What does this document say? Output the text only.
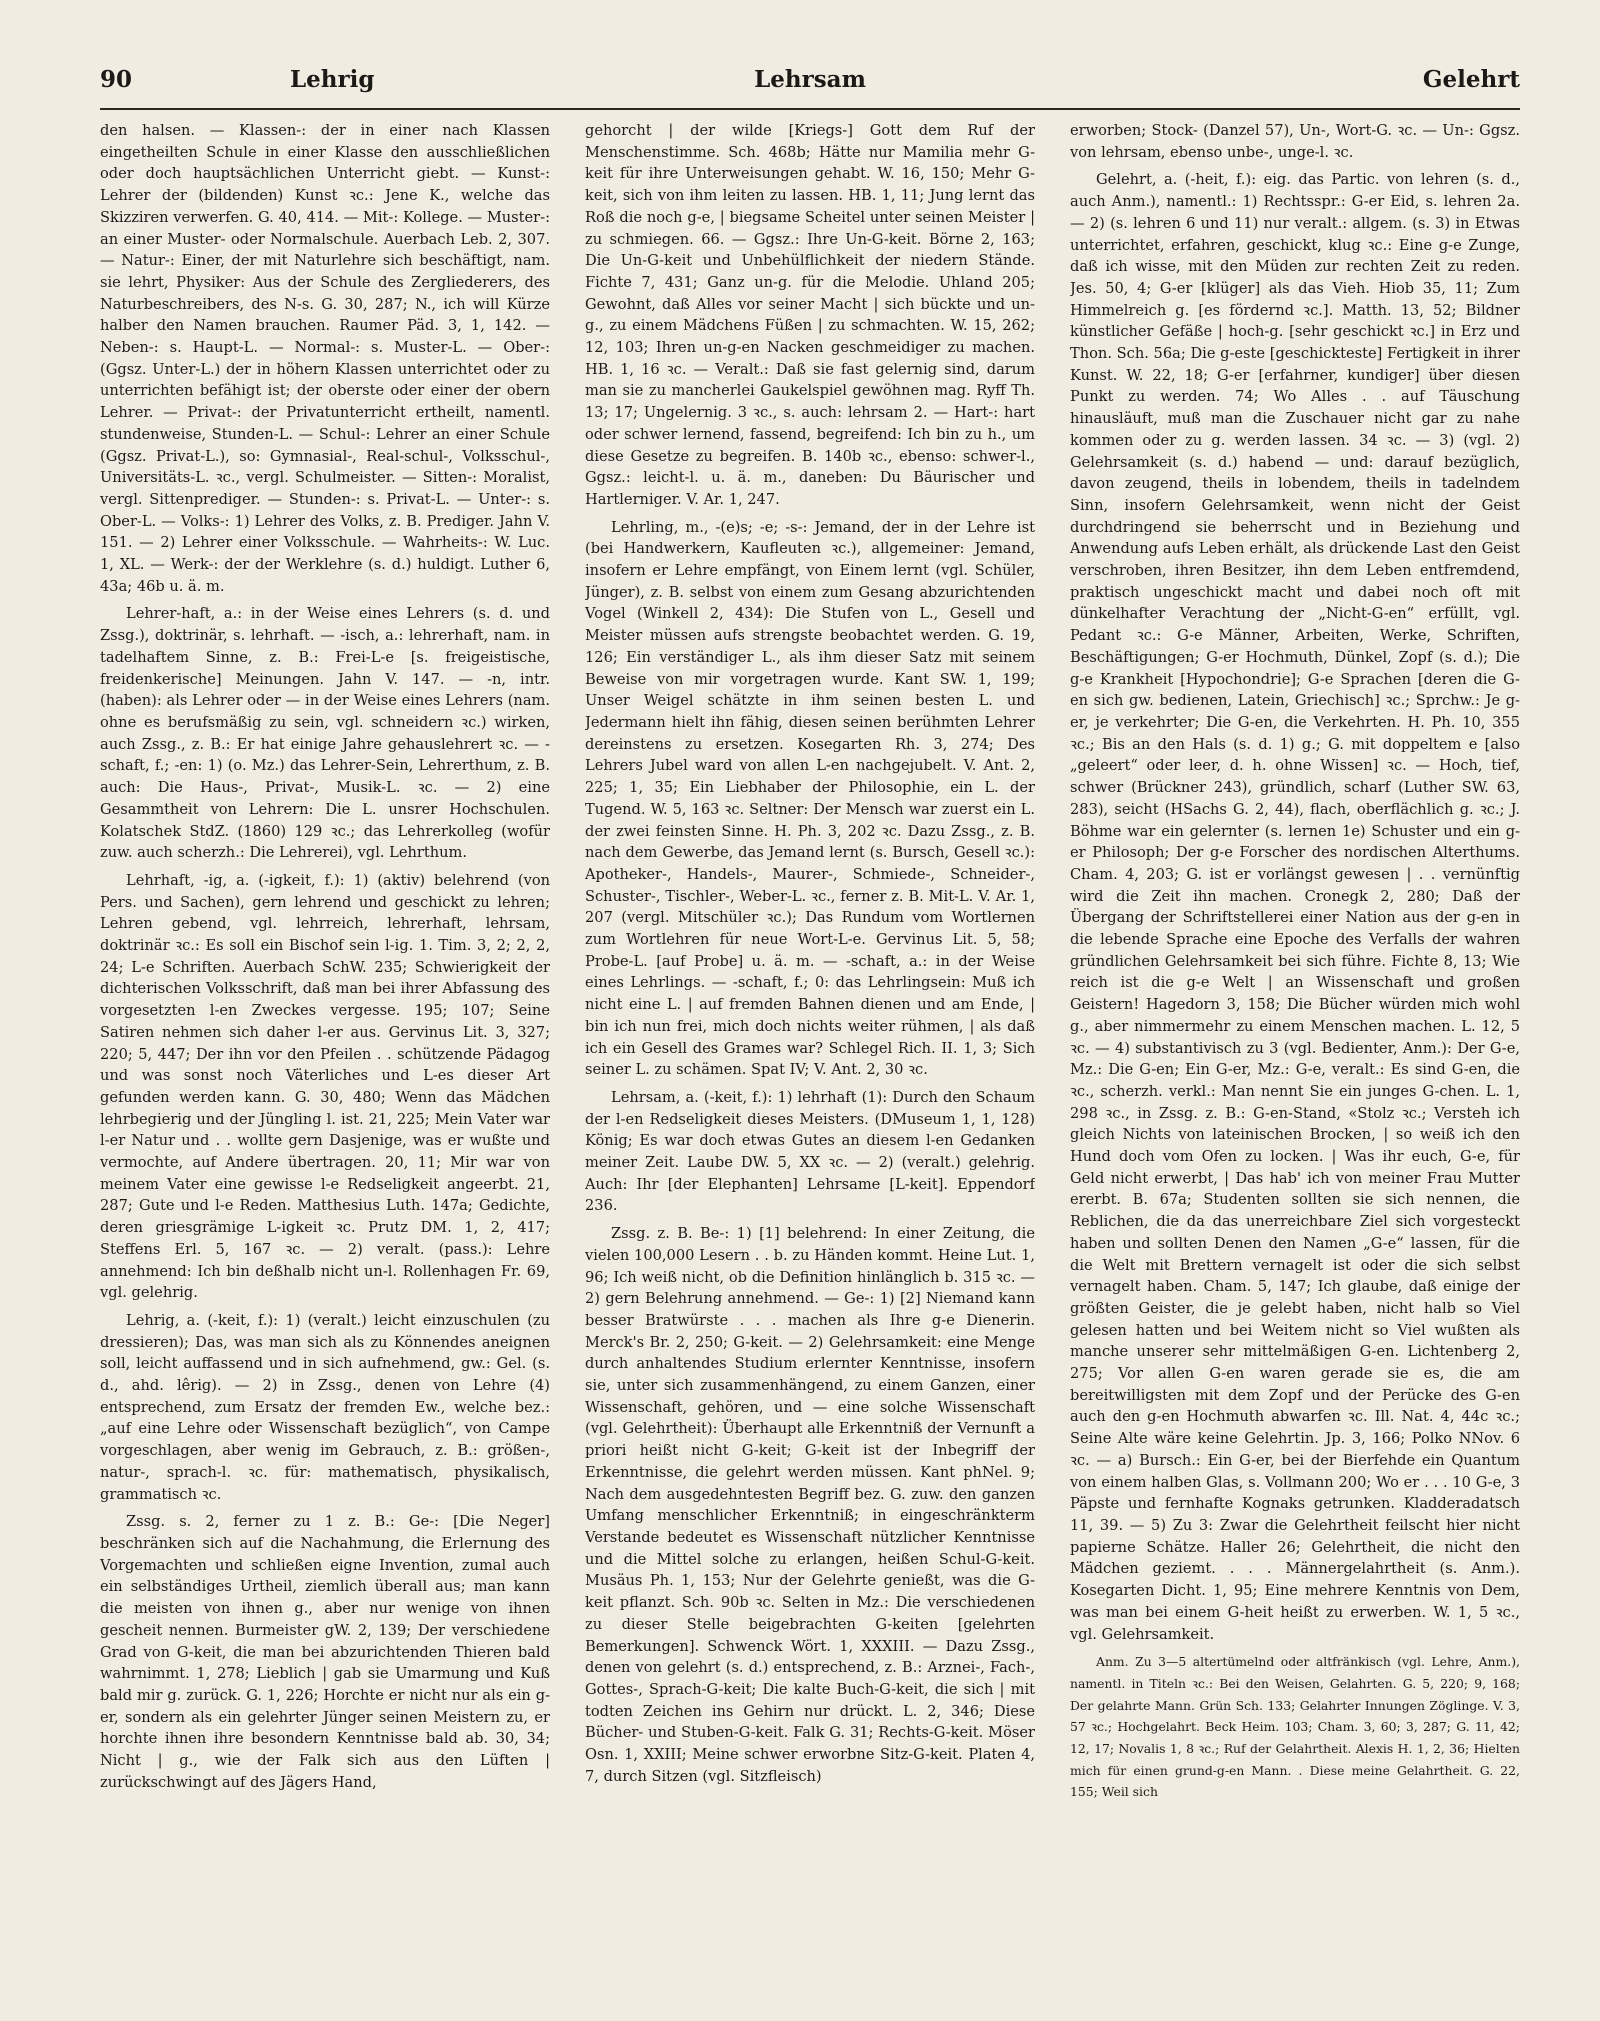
90	Lehrig	Lehrsam	Gelehrt

den halsen. — Klassen-: der in einer nach Klassen eingetheilten Schule in einer Klasse den ausschließlichen oder doch hauptsächlichen Unterricht giebt. — Kunst-: Lehrer der (bildenden) Kunst ꝛc.: Jene K., welche das Skizziren verwerfen. G. 40, 414. — Mit-: Kollege. — Muster-: an einer Muster- oder Normalschule. Auerbach Leb. 2, 307. — Natur-: Einer, der mit Naturlehre sich beschäftigt, nam. sie lehrt, Physiker: Aus der Schule des Zergliederers, des Naturbeschreibers, des N-s. G. 30, 287; N., ich will Kürze halber den Namen brauchen. Raumer Päd. 3, 1, 142. — Neben-: s. Haupt-L. — Normal-: s. Muster-L. — Ober-: (Ggsz. Unter-L.) der in höhern Klassen unterrichtet oder zu unterrichten befähigt ist; der oberste oder einer der obern Lehrer. — Privat-: der Privatunterricht ertheilt, namentl. stundenweise, Stunden-L. — Schul-: Lehrer an einer Schule (Ggsz. Privat-L.), so: Gymnasial-, Real-schul-, Volksschul-, Universitäts-L. ꝛc., vergl. Schulmeister. — Sitten-: Moralist, vergl. Sittenprediger. — Stunden-: s. Privat-L. — Unter-: s. Ober-L. — Volks-: 1) Lehrer des Volks, z. B. Prediger. Jahn V. 151. — 2) Lehrer einer Volksschule. — Wahrheits-: W. Luc. 1, XL. — Werk-: der der Werklehre (s. d.) huldigt. Luther 6, 43a; 46b u. ä. m.

Lehrer-haft, a.: in der Weise eines Lehrers (s. d. und Zssg.), doktrinär, s. lehrhaft. — -isch, a.: lehrerhaft, nam. in tadelhaftem Sinne, z. B.: Frei-L-e [s. freigeistische, freidenkerische] Meinungen. Jahn V. 147. — -n, intr. (haben): als Lehrer oder — in der Weise eines Lehrers (nam. ohne es berufsmäßig zu sein, vgl. schneidern ꝛc.) wirken, auch Zssg., z. B.: Er hat einige Jahre gehauslehrert ꝛc. — -schaft, f.; -en: 1) (o. Mz.) das Lehrer-Sein, Lehrerthum, z. B. auch: Die Haus-, Privat-, Musik-L. ꝛc. — 2) eine Gesammtheit von Lehrern: Die L. unsrer Hochschulen. Kolatschek StdZ. (1860) 129 ꝛc.; das Lehrerkolleg (wofür zuw. auch scherzh.: Die Lehrerei), vgl. Lehrthum.

Lehrhaft, -ig, a. (-igkeit, f.): 1) (aktiv) belehrend (von Pers. und Sachen), gern lehrend und geschickt zu lehren; Lehren gebend, vgl. lehrreich, lehrerhaft, lehrsam, doktrinär ꝛc.: Es soll ein Bischof sein l-ig. 1. Tim. 3, 2; 2, 2, 24; L-e Schriften. Auerbach SchW. 235; Schwierigkeit der dichterischen Volksschrift, daß man bei ihrer Abfassung des vorgesetzten l-en Zweckes vergesse. 195; 107; Seine Satiren nehmen sich daher l-er aus. Gervinus Lit. 3, 327; 220; 5, 447; Der ihn vor den Pfeilen . . schützende Pädagog und was sonst noch Väterliches und L-es dieser Art gefunden werden kann. G. 30, 480; Wenn das Mädchen lehrbegierig und der Jüngling l. ist. 21, 225; Mein Vater war l-er Natur und . . wollte gern Dasjenige, was er wußte und vermochte, auf Andere übertragen. 20, 11; Mir war von meinem Vater eine gewisse l-e Redseligkeit angeerbt. 21, 287; Gute und l-e Reden. Matthesius Luth. 147a; Gedichte, deren griesgrämige L-igkeit ꝛc. Prutz DM. 1, 2, 417; Steffens Erl. 5, 167 ꝛc. — 2) veralt. (pass.): Lehre annehmend: Ich bin deßhalb nicht un-l. Rollenhagen Fr. 69, vgl. gelehrig.

Lehrig, a. (-keit, f.): 1) (veralt.) leicht einzuschulen (zu dressieren); Das, was man sich als zu Könnendes aneignen soll, leicht auffassend und in sich aufnehmend, gw.: Gel. (s. d., ahd. lêrig). — 2) in Zssg., denen von Lehre (4) entsprechend, zum Ersatz der fremden Ew., welche bez.: „auf eine Lehre oder Wissenschaft bezüglich“, von Campe vorgeschlagen, aber wenig im Gebrauch, z. B.: größen-, natur-, sprach-l. ꝛc. für: mathematisch, physikalisch, grammatisch ꝛc.

Zssg. s. 2, ferner zu 1 z. B.: Ge-: [Die Neger] beschränken sich auf die Nachahmung, die Erlernung des Vorgemachten und schließen eigne Invention, zumal auch ein selbständiges Urtheil, ziemlich überall aus; man kann die meisten von ihnen g., aber nur wenige von ihnen gescheit nennen. Burmeister gW. 2, 139; Der verschiedene Grad von G-keit, die man bei abzurichtenden Thieren bald wahrnimmt. 1, 278; Lieblich | gab sie Umarmung und Kuß bald mir g. zurück. G. 1, 226; Horchte er nicht nur als ein g-er, sondern als ein gelehrter Jünger seinen Meistern zu, er horchte ihnen ihre besondern Kenntnisse bald ab. 30, 34; Nicht | g., wie der Falk sich aus den Lüften | zurückschwingt auf des Jägers Hand,

gehorcht | der wilde [Kriegs-] Gott dem Ruf der Menschenstimme. Sch. 468b; Hätte nur Mamilia mehr G-keit für ihre Unterweisungen gehabt. W. 16, 150; Mehr G-keit, sich von ihm leiten zu lassen. HB. 1, 11; Jung lernt das Roß die noch g-e, | biegsame Scheitel unter seinen Meister | zu schmiegen. 66. — Ggsz.: Ihre Un-G-keit. Börne 2, 163; Die Un-G-keit und Unbehülflichkeit der niedern Stände. Fichte 7, 431; Ganz un-g. für die Melodie. Uhland 205; Gewohnt, daß Alles vor seiner Macht | sich bückte und un-g., zu einem Mädchens Füßen | zu schmachten. W. 15, 262; 12, 103; Ihren un-g-en Nacken geschmeidiger zu machen. HB. 1, 16 ꝛc. — Veralt.: Daß sie fast gelernig sind, darum man sie zu mancherlei Gaukelspiel gewöhnen mag. Ryff Th. 13; 17; Ungelernig. 3 ꝛc., s. auch: lehrsam 2. — Hart-: hart oder schwer lernend, fassend, begreifend: Ich bin zu h., um diese Gesetze zu begreifen. B. 140b ꝛc., ebenso: schwer-l., Ggsz.: leicht-l. u. ä. m., daneben: Du Bäurischer und Hartlerniger. V. Ar. 1, 247.

Lehrling, m., -(e)s; -e; -s-: Jemand, der in der Lehre ist (bei Handwerkern, Kaufleuten ꝛc.), allgemeiner: Jemand, insofern er Lehre empfängt, von Einem lernt (vgl. Schüler, Jünger), z. B. selbst von einem zum Gesang abzurichtenden Vogel (Winkell 2, 434): Die Stufen von L., Gesell und Meister müssen aufs strengste beobachtet werden. G. 19, 126; Ein verständiger L., als ihm dieser Satz mit seinem Beweise von mir vorgetragen wurde. Kant SW. 1, 199; Unser Weigel schätzte in ihm seinen besten L. und Jedermann hielt ihn fähig, diesen seinen berühmten Lehrer dereinstens zu ersetzen. Kosegarten Rh. 3, 274; Des Lehrers Jubel ward von allen L-en nachgejubelt. V. Ant. 2, 225; 1, 35; Ein Liebhaber der Philosophie, ein L. der Tugend. W. 5, 163 ꝛc. Seltner: Der Mensch war zuerst ein L. der zwei feinsten Sinne. H. Ph. 3, 202 ꝛc. Dazu Zssg., z. B. nach dem Gewerbe, das Jemand lernt (s. Bursch, Gesell ꝛc.): Apotheker-, Handels-, Maurer-, Schmiede-, Schneider-, Schuster-, Tischler-, Weber-L. ꝛc., ferner z. B. Mit-L. V. Ar. 1, 207 (vergl. Mitschüler ꝛc.); Das Rundum vom Wortlernen zum Wortlehren für neue Wort-L-e. Gervinus Lit. 5, 58; Probe-L. [auf Probe] u. ä. m. — -schaft, a.: in der Weise eines Lehrlings. — -schaft, f.; 0: das Lehrlingsein: Muß ich nicht eine L. | auf fremden Bahnen dienen und am Ende, | bin ich nun frei, mich doch nichts weiter rühmen, | als daß ich ein Gesell des Grames war? Schlegel Rich. II. 1, 3; Sich seiner L. zu schämen. Spat IV; V. Ant. 2, 30 ꝛc.

Lehrsam, a. (-keit, f.): 1) lehrhaft (1): Durch den Schaum der l-en Redseligkeit dieses Meisters. (DMuseum 1, 1, 128) König; Es war doch etwas Gutes an diesem l-en Gedanken meiner Zeit. Laube DW. 5, XX ꝛc. — 2) (veralt.) gelehrig. Auch: Ihr [der Elephanten] Lehrsame [L-keit]. Eppendorf 236.

Zssg. z. B. Be-: 1) [1] belehrend: In einer Zeitung, die vielen 100,000 Lesern . . b. zu Händen kommt. Heine Lut. 1, 96; Ich weiß nicht, ob die Definition hinlänglich b. 315 ꝛc. — 2) gern Belehrung annehmend. — Ge-: 1) [2] Niemand kann besser Bratwürste . . . machen als Ihre g-e Dienerin. Merck's Br. 2, 250; G-keit. — 2) Gelehrsamkeit: eine Menge durch anhaltendes Studium erlernter Kenntnisse, insofern sie, unter sich zusammenhängend, zu einem Ganzen, einer Wissenschaft, gehören, und — eine solche Wissenschaft (vgl. Gelehrtheit): Überhaupt alle Erkenntniß der Vernunft a priori heißt nicht G-keit; G-keit ist der Inbegriff der Erkenntnisse, die gelehrt werden müssen. Kant phNel. 9; Nach dem ausgedehntesten Begriff bez. G. zuw. den ganzen Umfang menschlicher Erkenntniß; in eingeschränkterm Verstande bedeutet es Wissenschaft nützlicher Kenntnisse und die Mittel solche zu erlangen, heißen Schul-G-keit. Musäus Ph. 1, 153; Nur der Gelehrte genießt, was die G-keit pflanzt. Sch. 90b ꝛc. Selten in Mz.: Die verschiedenen zu dieser Stelle beigebrachten G-keiten [gelehrten Bemerkungen]. Schwenck Wört. 1, XXXIII. — Dazu Zssg., denen von gelehrt (s. d.) entsprechend, z. B.: Arznei-, Fach-, Gottes-, Sprach-G-keit; Die kalte Buch-G-keit, die sich | mit todten Zeichen ins Gehirn nur drückt. L. 2, 346; Diese Bücher- und Stuben-G-keit. Falk G. 31; Rechts-G-keit. Möser Osn. 1, XXIII; Meine schwer erworbne Sitz-G-keit. Platen 4, 7, durch Sitzen (vgl. Sitzfleisch)

erworben; Stock- (Danzel 57), Un-, Wort-G. ꝛc. — Un-: Ggsz. von lehrsam, ebenso unbe-, unge-l. ꝛc.

Gelehrt, a. (-heit, f.): eig. das Partic. von lehren (s. d., auch Anm.), namentl.: 1) Rechtsspr.: G-er Eid, s. lehren 2a. — 2) (s. lehren 6 und 11) nur veralt.: allgem. (s. 3) in Etwas unterrichtet, erfahren, geschickt, klug ꝛc.: Eine g-e Zunge, daß ich wisse, mit den Müden zur rechten Zeit zu reden. Jes. 50, 4; G-er [klüger] als das Vieh. Hiob 35, 11; Zum Himmelreich g. [es fördernd ꝛc.]. Matth. 13, 52; Bildner künstlicher Gefäße | hoch-g. [sehr geschickt ꝛc.] in Erz und Thon. Sch. 56a; Die g-este [geschickteste] Fertigkeit in ihrer Kunst. W. 22, 18; G-er [erfahrner, kundiger] über diesen Punkt zu werden. 74; Wo Alles . . auf Täuschung hinausläuft, muß man die Zuschauer nicht gar zu nahe kommen oder zu g. werden lassen. 34 ꝛc. — 3) (vgl. 2) Gelehrsamkeit (s. d.) habend — und: darauf bezüglich, davon zeugend, theils in lobendem, theils in tadelndem Sinn, insofern Gelehrsamkeit, wenn nicht der Geist durchdringend sie beherrscht und in Beziehung und Anwendung aufs Leben erhält, als drückende Last den Geist verschroben, ihren Besitzer, ihn dem Leben entfremdend, praktisch ungeschickt macht und dabei noch oft mit dünkelhafter Verachtung der „Nicht-G-en“ erfüllt, vgl. Pedant ꝛc.: G-e Männer, Arbeiten, Werke, Schriften, Beschäftigungen; G-er Hochmuth, Dünkel, Zopf (s. d.); Die g-e Krankheit [Hypochondrie]; G-e Sprachen [deren die G-en sich gw. bedienen, Latein, Griechisch] ꝛc.; Sprchw.: Je g-er, je verkehrter; Die G-en, die Verkehrten. H. Ph. 10, 355 ꝛc.; Bis an den Hals (s. d. 1) g.; G. mit doppeltem e [also „geleert“ oder leer, d. h. ohne Wissen] ꝛc. — Hoch, tief, schwer (Brückner 243), gründlich, scharf (Luther SW. 63, 283), seicht (HSachs G. 2, 44), flach, oberflächlich g. ꝛc.; J. Böhme war ein gelernter (s. lernen 1e) Schuster und ein g-er Philosoph; Der g-e Forscher des nordischen Alterthums. Cham. 4, 203; G. ist er vorlängst gewesen | . . vernünftig wird die Zeit ihn machen. Cronegk 2, 280; Daß der Übergang der Schriftstellerei einer Nation aus der g-en in die lebende Sprache eine Epoche des Verfalls der wahren gründlichen Gelehrsamkeit bei sich führe. Fichte 8, 13; Wie reich ist die g-e Welt | an Wissenschaft und großen Geistern! Hagedorn 3, 158; Die Bücher würden mich wohl g., aber nimmermehr zu einem Menschen machen. L. 12, 5 ꝛc. — 4) substantivisch zu 3 (vgl. Bedienter, Anm.): Der G-e, Mz.: Die G-en; Ein G-er, Mz.: G-e, veralt.: Es sind G-en, die ꝛc., scherzh. verkl.: Man nennt Sie ein junges G-chen. L. 1, 298 ꝛc., in Zssg. z. B.: G-en-Stand, «Stolz ꝛc.; Versteh ich gleich Nichts von lateinischen Brocken, | so weiß ich den Hund doch vom Ofen zu locken. | Was ihr euch, G-e, für Geld nicht erwerbt, | Das hab' ich von meiner Frau Mutter ererbt. B. 67a; Studenten sollten sie sich nennen, die Reblichen, die da das unerreichbare Ziel sich vorgesteckt haben und sollten Denen den Namen „G-e“ lassen, für die die Welt mit Brettern vernagelt ist oder die sich selbst vernagelt haben. Cham. 5, 147; Ich glaube, daß einige der größten Geister, die je gelebt haben, nicht halb so Viel gelesen hatten und bei Weitem nicht so Viel wußten als manche unserer sehr mittelmäßigen G-en. Lichtenberg 2, 275; Vor allen G-en waren gerade sie es, die am bereitwilligsten mit dem Zopf und der Perücke des G-en auch den g-en Hochmuth abwarfen ꝛc. Ill. Nat. 4, 44c ꝛc.; Seine Alte wäre keine Gelehrtin. Jp. 3, 166; Polko NNov. 6 ꝛc. — a) Bursch.: Ein G-er, bei der Bierfehde ein Quantum von einem halben Glas, s. Vollmann 200; Wo er . . . 10 G-e, 3 Päpste und fernhafte Kognaks getrunken. Kladderadatsch 11, 39. — 5) Zu 3: Zwar die Gelehrtheit feilscht hier nicht papierne Schätze. Haller 26; Gelehrtheit, die nicht den Mädchen geziemt. . . . Männergelahrtheit (s. Anm.). Kosegarten Dicht. 1, 95; Eine mehrere Kenntnis von Dem, was man bei einem G-heit heißt zu erwerben. W. 1, 5 ꝛc., vgl. Gelehrsamkeit.

Anm. Zu 3—5 altertümelnd oder altfränkisch (vgl. Lehre, Anm.), namentl. in Titeln ꝛc.: Bei den Weisen, Gelahrten. G. 5, 220; 9, 168; Der gelahrte Mann. Grün Sch. 133; Gelahrter Innungen Zöglinge. V. 3, 57 ꝛc.; Hochgelahrt. Beck Heim. 103; Cham. 3, 60; 3, 287; G. 11, 42; 12, 17; Novalis 1, 8 ꝛc.; Ruf der Gelahrtheit. Alexis H. 1, 2, 36; Hielten mich für einen grund-g-en Mann. . Diese meine Gelahrtheit. G. 22, 155; Weil sich
